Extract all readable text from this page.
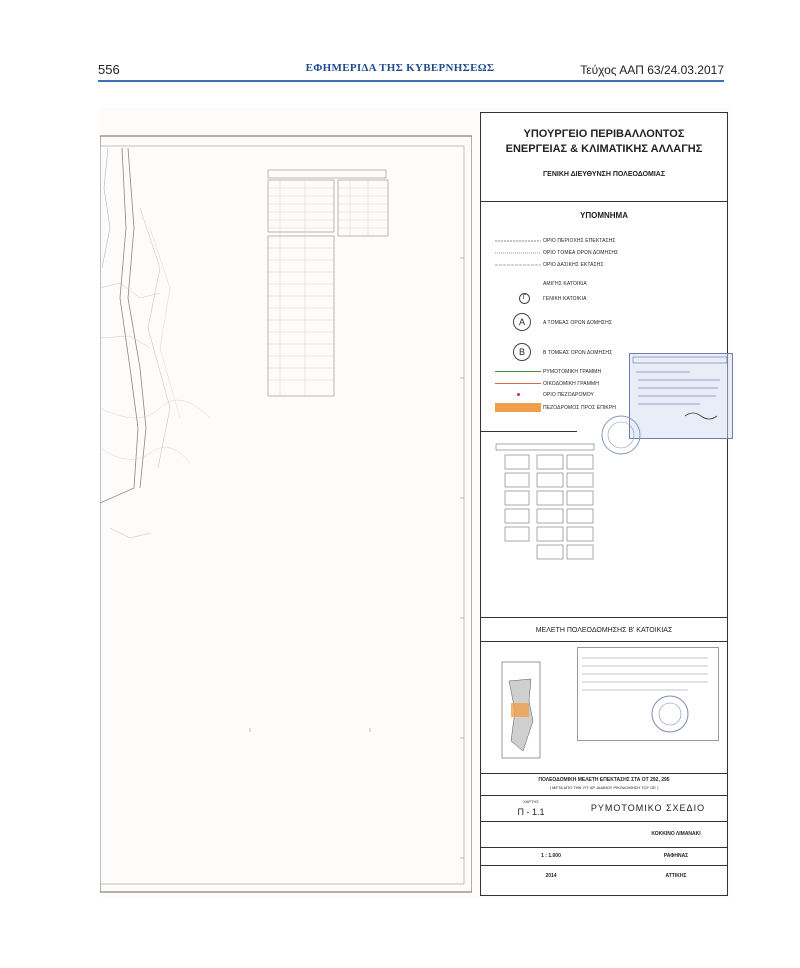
556	ΕΦΗΜΕΡΙΔΑ ΤΗΣ ΚΥΒΕΡΝΗΣΕΩΣ	Τεύχος ΑΑΠ 63/24.03.2017
ΥΠΟΥΡΓΕΙΟ ΠΕΡΙΒΑΛΛΟΝΤΟΣ
ΕΝΕΡΓΕΙΑΣ & ΚΛΙΜΑΤΙΚΗΣ ΑΛΛΑΓΗΣ
ΓΕΝΙΚΗ ΔΙΕΥΘΥΝΣΗ ΠΟΛΕΟΔΟΜΙΑΣ
ΥΠΟΜΝΗΜΑ
ΟΡΙΟ ΠΕΡΙΟΧΗΣ ΕΠΕΚΤΑΣΗΣ
ΟΡΙΟ ΤΟΜΕΑ ΟΡΩΝ ΔΟΜΗΣΗΣ
ΟΡΙΟ ΔΑΣΙΚΗΣ ΕΚΤΑΣΗΣ
ΑΜΙΓΗΣ ΚΑΤΟΙΚΙΑ
Γ	ΓΕΝΙΚΗ ΚΑΤΟΙΚΙΑ
A	Α ΤΟΜΕΑΣ ΟΡΩΝ ΔΟΜΗΣΗΣ
B	Β ΤΟΜΕΑΣ ΟΡΩΝ ΔΟΜΗΣΗΣ
ΡΥΜΟΤΟΜΙΚΗ ΓΡΑΜΜΗ
ΟΙΚΟΔΟΜΙΚΗ ΓΡΑΜΜΗ
ΟΡΙΟ ΠΕΖΟΔΡΟΜΟΥ
ΠΕΖΟΔΡΟΜΟΣ ΠΡΟΣ ΕΠΙΚΡΗ
ΜΕΛΕΤΗ ΠΟΛΕΟΔΟΜΗΣΗΣ Β' ΚΑΤΟΙΚΙΑΣ
ΠΟΛΕΟΔΟΜΙΚΗ ΜΕΛΕΤΗ ΕΠΕΚΤΑΣΗΣ ΣΤΑ ΟΤ 292, 295
( ΜΕΤΑ ΑΠΟ ΤΗΝ ΥΠ' ΑΡ. ΔΙΑΒΙΟΥ ΡΙΚΟΔΟΜΗΣΗ ΤΟΥ ΟΕ )
ΧΑΡΤΗΣ
Π - 1.1	ΡΥΜΟΤΟΜΙΚΟ ΣΧΕΔΙΟ
ΚΟΚΚΙΝΟ ΛΙΜΑΝΑΚΙ
1 : 1.000	ΡΑΦΗΝΑΣ
2014	ΑΤΤΙΚΗΣ
